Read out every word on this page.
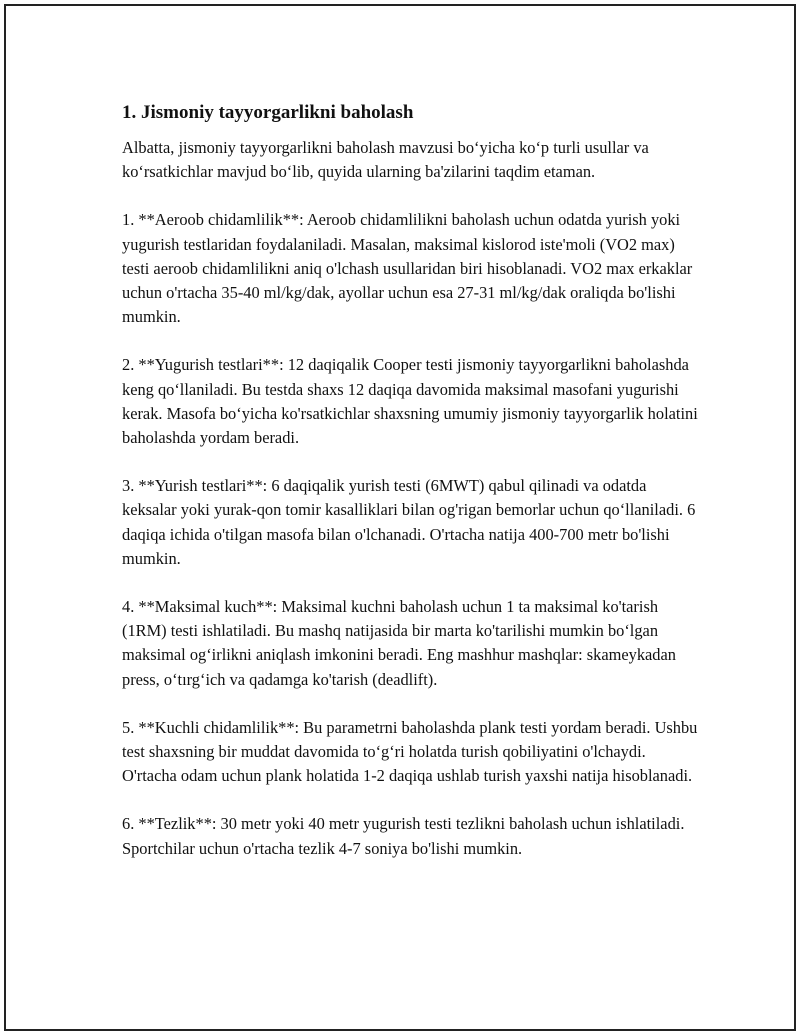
1. Jismoniy tayyorgarlikni baholash

Albatta, jismoniy tayyorgarlikni baholash mavzusi bo‘yicha ko‘p turli usullar va ko‘rsatkichlar mavjud bo‘lib, quyida ularning ba'zilarini taqdim etaman.

1. **Aeroob chidamlilik**: Aeroob chidamlilikni baholash uchun odatda yurish yoki yugurish testlaridan foydalaniladi. Masalan, maksimal kislorod iste'moli (VO2 max) testi aeroob chidamlilikni aniq o'lchash usullaridan biri hisoblanadi. VO2 max erkaklar uchun o'rtacha 35-40 ml/kg/dak, ayollar uchun esa 27-31 ml/kg/dak oraliqda bo'lishi mumkin.

2. **Yugurish testlari**: 12 daqiqalik Cooper testi jismoniy tayyorgarlikni baholashda keng qo‘llaniladi. Bu testda shaxs 12 daqiqa davomida maksimal masofani yugurishi kerak. Masofa bo‘yicha ko'rsatkichlar shaxsning umumiy jismoniy tayyorgarlik holatini baholashda yordam beradi.

3. **Yurish testlari**: 6 daqiqalik yurish testi (6MWT) qabul qilinadi va odatda keksalar yoki yurak-qon tomir kasalliklari bilan og'rigan bemorlar uchun qo‘llaniladi. 6 daqiqa ichida o'tilgan masofa bilan o'lchanadi. O'rtacha natija 400-700 metr bo'lishi mumkin.

4. **Maksimal kuch**: Maksimal kuchni baholash uchun 1 ta maksimal ko'tarish (1RM) testi ishlatiladi. Bu mashq natijasida bir marta ko'tarilishi mumkin bo‘lgan maksimal og‘irlikni aniqlash imkonini beradi. Eng mashhur mashqlar: skameykadan press, o‘tırg‘ich va qadamga ko'tarish (deadlift).

5. **Kuchli chidamlilik**: Bu parametrni baholashda plank testi yordam beradi. Ushbu test shaxsning bir muddat davomida to‘g‘ri holatda turish qobiliyatini o'lchaydi. O'rtacha odam uchun plank holatida 1-2 daqiqa ushlab turish yaxshi natija hisoblanadi.

6. **Tezlik**: 30 metr yoki 40 metr yugurish testi tezlikni baholash uchun ishlatiladi. Sportchilar uchun o'rtacha tezlik 4-7 soniya bo'lishi mumkin.
